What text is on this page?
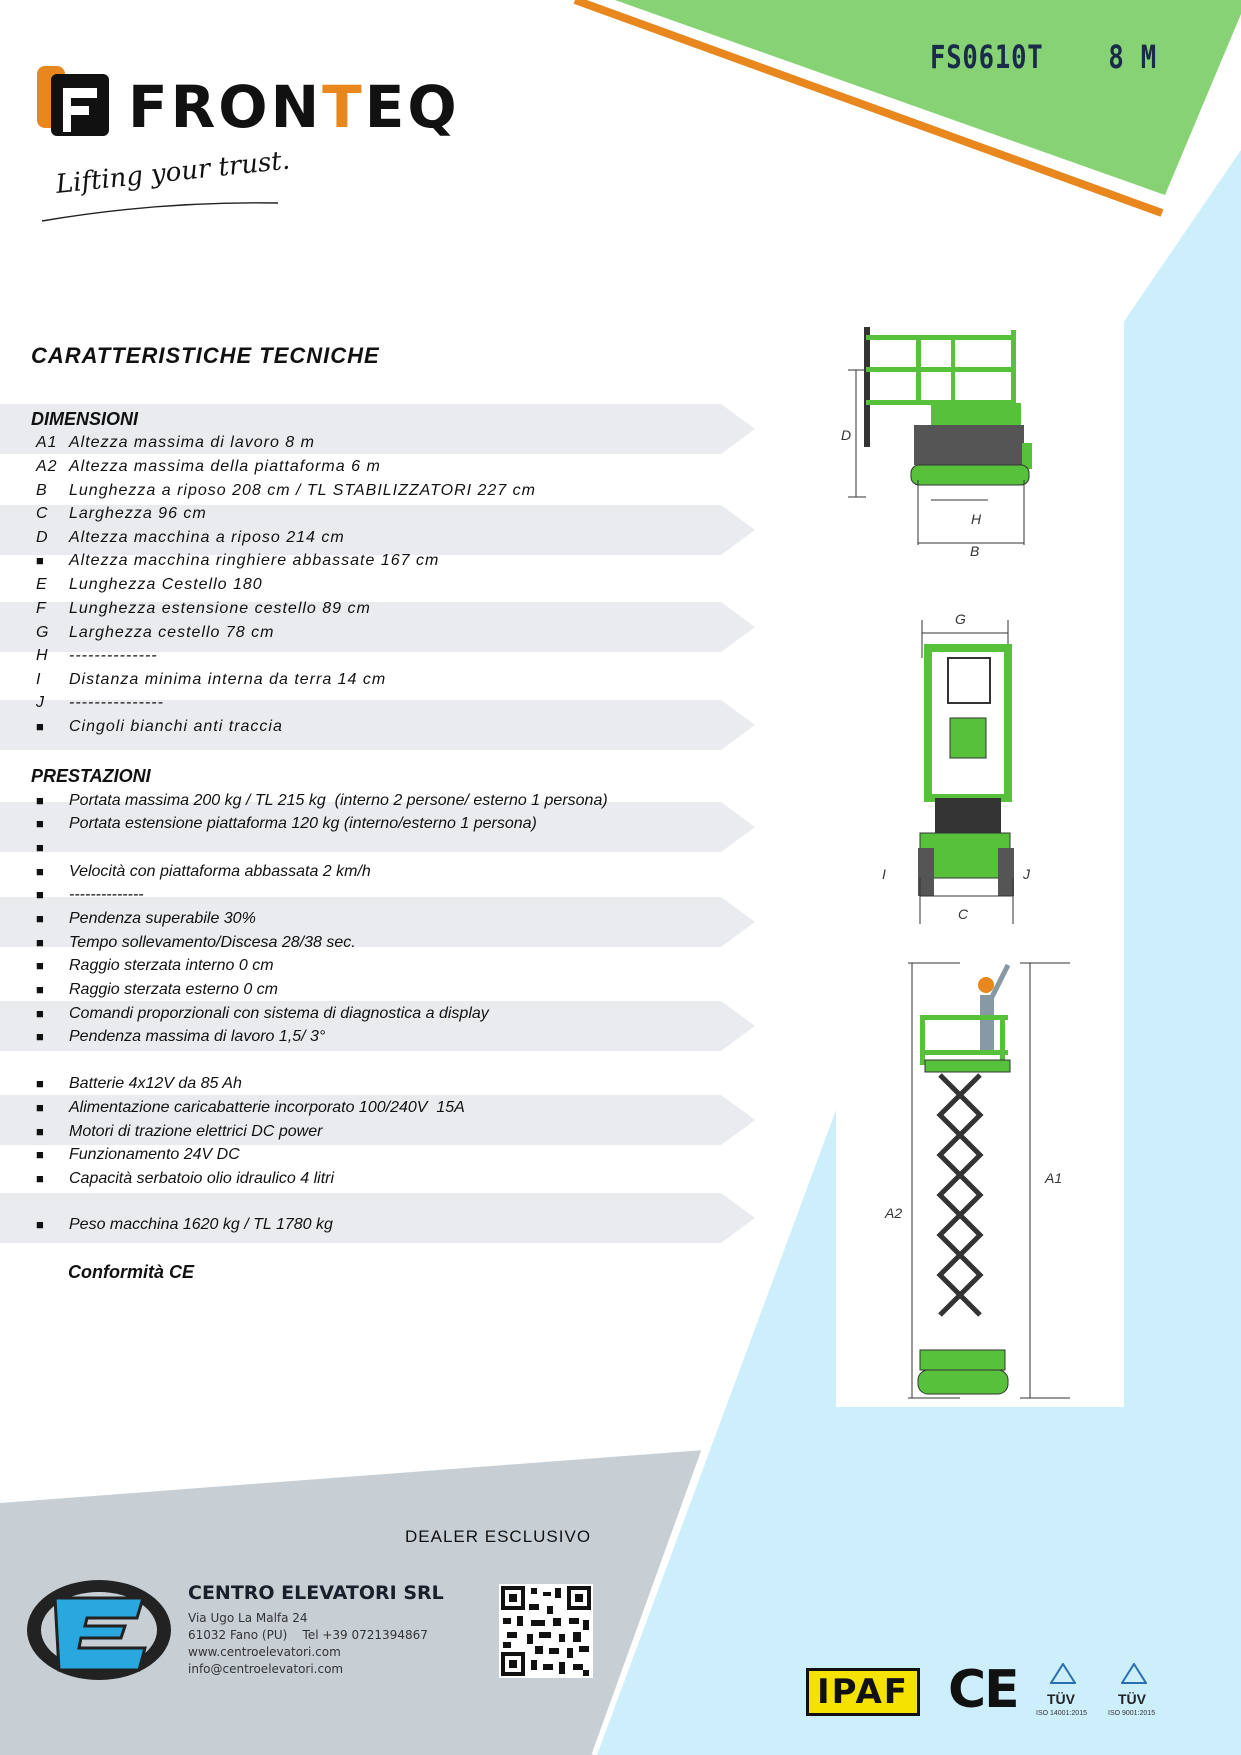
FRONTEQ
Lifting your trust.
FS0610T    8 M
CARATTERISTICHE TECNICHE
DIMENSIONI
A1 Altezza massima di lavoro 8 m
A2 Altezza massima della piattaforma 6 m
B Lunghezza a riposo 208 cm / TL STABILIZZATORI 227 cm
C Larghezza 96 cm
D Altezza macchina a riposo 214 cm
■ Altezza macchina ringhiere abbassate 167 cm
E Lunghezza Cestello 180
F Lunghezza estensione cestello 89 cm
G Larghezza cestello 78 cm
H --------------
I Distanza minima interna da terra 14 cm
J ---------------
■ Cingoli bianchi anti traccia
PRESTAZIONI
■ Portata massima 200 kg / TL 215 kg  (interno 2 persone/ esterno 1 persona)
■ Portata estensione piattaforma 120 kg (interno/esterno 1 persona)
■
■ Velocità con piattaforma abbassata 2 km/h
■ --------------
■ Pendenza superabile 30%
■ Tempo sollevamento/Discesa 28/38 sec.
■ Raggio sterzata interno 0 cm
■ Raggio sterzata esterno 0 cm
■ Comandi proporzionali con sistema di diagnostica a display
■ Pendenza massima di lavoro 1,5/ 3°
■ Batterie 4x12V da 85 Ah
■ Alimentazione caricabatterie incorporato 100/240V  15A
■ Motori di trazione elettrici DC power
■ Funzionamento 24V DC
■ Capacità serbatoio olio idraulico 4 litri
■ Peso macchina 1620 kg / TL 1780 kg
Conformità CE
D
H
B
G
I	J
C
A1
A2
DEALER ESCLUSIVO
CENTRO ELEVATORI SRL
Via Ugo La Malfa 24
61032 Fano (PU)    Tel +39 0721394867
www.centroelevatori.com
info@centroelevatori.com
IPAF CE TÜV
ISO 14001:2015
TÜV
ISO 9001:2015
